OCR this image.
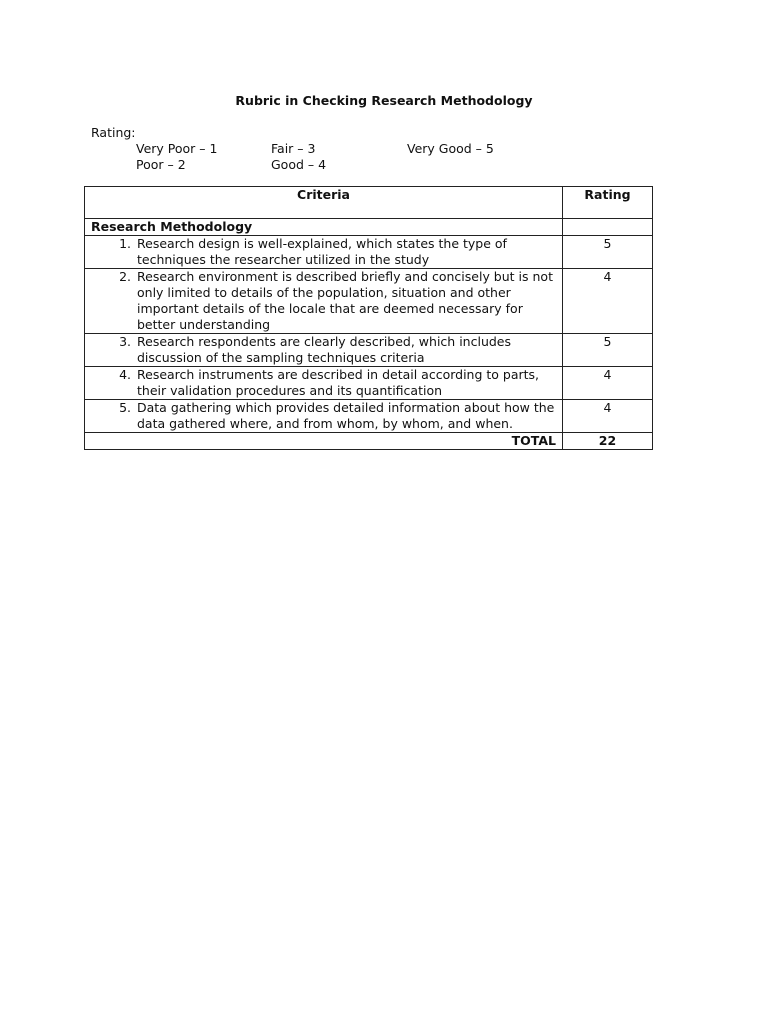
Rubric in Checking Research Methodology
Rating:
Very Poor – 1
Poor – 2
Fair – 3
Good – 4
Very Good – 5
Criteria	Rating
Research Methodology	

1. Research design is well-explained, which states the type of techniques the researcher utilized in the study	5

2. Research environment is described briefly and concisely but is not only limited to details of the population, situation and other important details of the locale that are deemed necessary for better understanding	4

3. Research respondents are clearly described, which includes discussion of the sampling techniques criteria	5

4. Research instruments are described in detail according to parts, their validation procedures and its quantification	4

5. Data gathering which provides detailed information about how the data gathered where, and from whom, by whom, and when.	4
TOTAL	22
